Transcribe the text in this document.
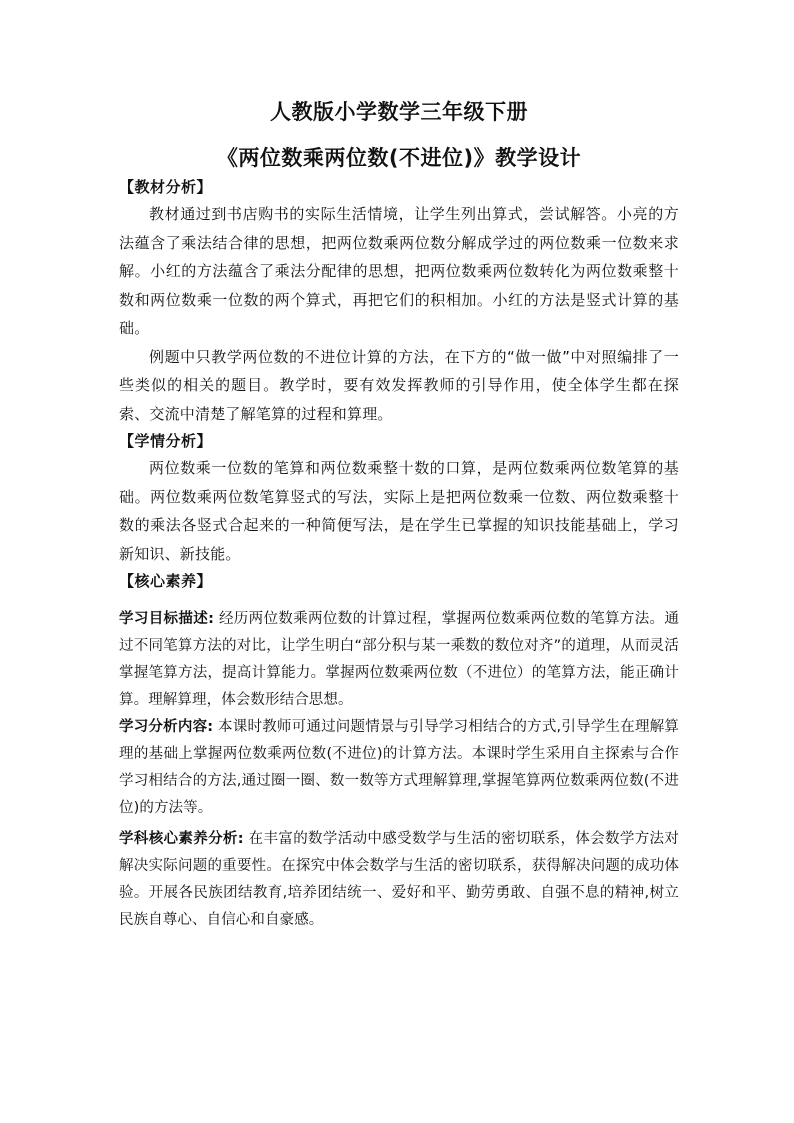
人教版小学数学三年级下册
《两位数乘两位数(不进位)》教学设计
【教材分析】

教材通过到书店购书的实际生活情境，让学生列出算式，尝试解答。小亮的方法蕴含了乘法结合律的思想，把两位数乘两位数分解成学过的两位数乘一位数来求解。小红的方法蕴含了乘法分配律的思想，把两位数乘两位数转化为两位数乘整十数和两位数乘一位数的两个算式，再把它们的积相加。小红的方法是竖式计算的基础。

例题中只教学两位数的不进位计算的方法，在下方的“做一做”中对照编排了一些类似的相关的题目。教学时，要有效发挥教师的引导作用，使全体学生都在探索、交流中清楚了解笔算的过程和算理。

【学情分析】

两位数乘一位数的笔算和两位数乘整十数的口算，是两位数乘两位数笔算的基础。两位数乘两位数笔算竖式的写法，实际上是把两位数乘一位数、两位数乘整十数的乘法各竖式合起来的一种简便写法，是在学生已掌握的知识技能基础上，学习新知识、新技能。

【核心素养】

学习目标描述: 经历两位数乘两位数的计算过程，掌握两位数乘两位数的笔算方法。通过不同笔算方法的对比，让学生明白“部分积与某一乘数的数位对齐”的道理，从而灵活掌握笔算方法，提高计算能力。掌握两位数乘两位数（不进位）的笔算方法，能正确计算。理解算理，体会数形结合思想。

学习分析内容: 本课时教师可通过问题情景与引导学习相结合的方式,引导学生在理解算理的基础上掌握两位数乘两位数(不进位)的计算方法。本课时学生采用自主探索与合作学习相结合的方法,通过圈一圈、数一数等方式理解算理,掌握笔算两位数乘两位数(不进位)的方法等。

学科核心素养分析: 在丰富的数学活动中感受数学与生活的密切联系，体会数学方法对解决实际问题的重要性。在探究中体会数学与生活的密切联系，获得解决问题的成功体验。开展各民族团结教育,培养团结统一、爱好和平、勤劳勇敢、自强不息的精神,树立民族自尊心、自信心和自豪感。
